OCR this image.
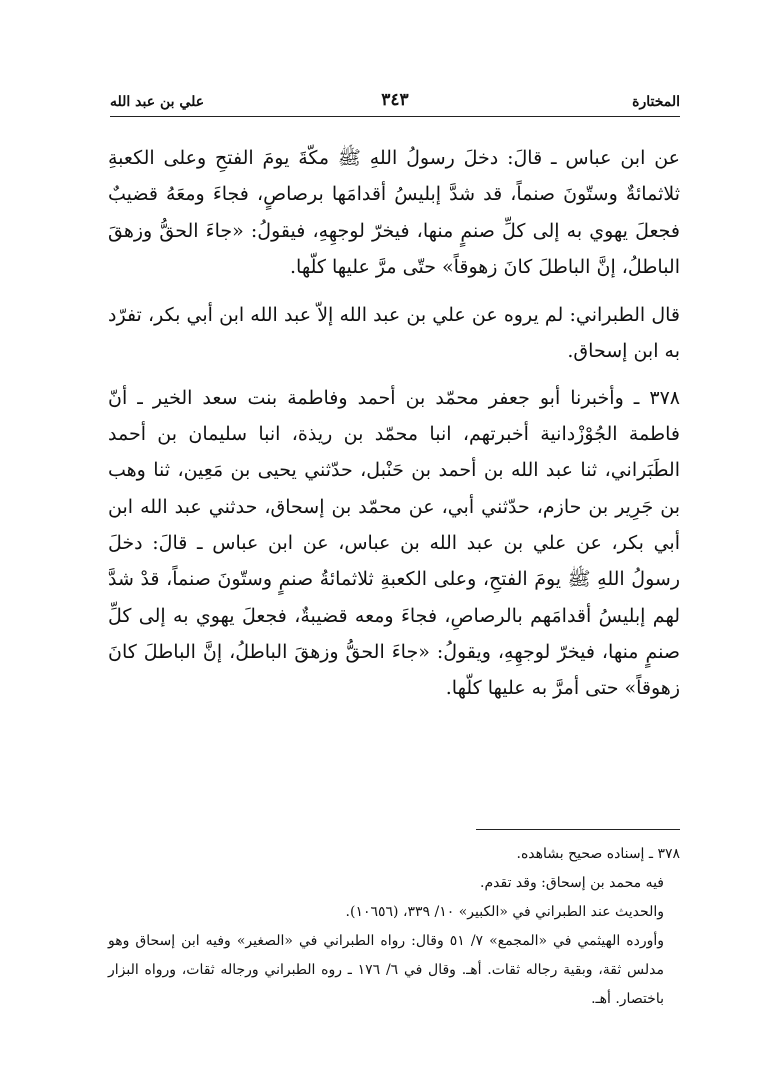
المختارة
٣٤٣
علي بن عبد الله

عن ابن عباس ـ قالَ: دخلَ رسولُ اللهِ ﷺ مكّةَ يومَ الفتحِ وعلى الكعبةِ ثلاثمائةٌ وستّونَ صنماً، قد شدَّ إبليسُ أقدامَها برصاصٍ، فجاءَ ومعَهُ قضيبٌ فجعلَ يهوي به إلى كلِّ صنمٍ منها، فيخرّ لوجهِهِ، فيقولُ: «جاءَ الحقُّ وزهقَ الباطلُ، إنَّ الباطلَ كانَ زهوقاً» حتّى مرَّ عليها كلّها.

قال الطبراني: لم يروه عن علي بن عبد الله إلاّ عبد الله ابن أبي بكر، تفرّد به ابن إسحاق.

٣٧٨ ـ وأخبرنا أبو جعفر محمّد بن أحمد وفاطمة بنت سعد الخير ـ أنّ فاطمة الجُوْزْدانية أخبرتهم، انبا محمّد بن ريذة، انبا سليمان بن أحمد الطَبَراني، ثنا عبد الله بن أحمد بن حَنْبل، حدّثني يحيى بن مَعِين، ثنا وهب بن جَرِير بن حازم، حدّثني أبي، عن محمّد بن إسحاق، حدثني عبد الله ابن أبي بكر، عن علي بن عبد الله بن عباس، عن ابن عباس ـ قالَ: دخلَ رسولُ اللهِ ﷺ يومَ الفتحِ، وعلى الكعبةِ ثلاثمائةُ صنمٍ وستّونَ صنماً، قدْ شدَّ لهم إبليسُ أقدامَهم بالرصاصِ، فجاءَ ومعه قضيبةٌ، فجعلَ يهوي به إلى كلِّ صنمٍ منها، فيخرّ لوجهِهِ، ويقولُ: «جاءَ الحقُّ وزهقَ الباطلُ، إنَّ الباطلَ كانَ زهوقاً» حتى أمرَّ به عليها كلّها.

٣٧٨ ـ إسناده صحيح بشاهده.

فيه محمد بن إسحاق: وقد تقدم.

والحديث عند الطبراني في «الكبير» ١٠/ ٣٣٩، (١٠٦٥٦).

وأورده الهيثمي في «المجمع» ٧/ ٥١ وقال: رواه الطبراني في «الصغير» وفيه ابن إسحاق وهو مدلس ثقة، وبقية رجاله ثقات. أهـ. وقال في ٦/ ١٧٦ ـ روه الطبراني ورجاله ثقات، ورواه البزار باختصار. أهـ.
